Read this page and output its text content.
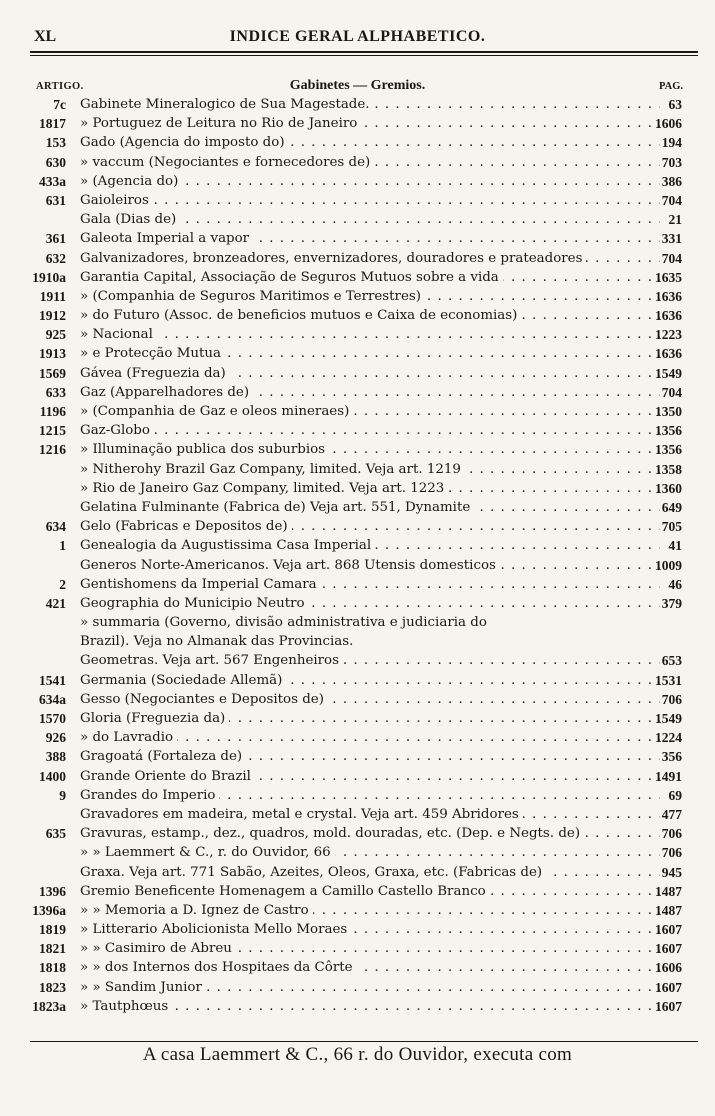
XL	INDICE GERAL ALPHABETICO.
ARTIGO.	Gabinetes — Gremios.	PAG.
7c Gabinete Mineralogico de Sua Magestade. . . .	63
1817 » Portuguez de Leitura no Rio de Janeiro . . .	1606
153 Gado (Agencia do imposto do) . . .	194
630 » vaccum (Negociantes e fornecedores de) . . .	703
433a » (Agencia do) . . .	386
631 Gaioleiros . . .	704
Gala (Dias de) . . .	21
361 Galeota Imperial a vapor . . .	331
632 Galvanizadores, bronzeadores, envernizadores, douradores e prateadores . . .	704
1910a Garantia Capital, Associação de Seguros Mutuos sobre a vida . . .	1635
1911 » (Companhia de Seguros Maritimos e Terrestres) . . .	1636
1912 » do Futuro (Assoc. de beneficios mutuos e Caixa de economias) . . .	1636
925 » Nacional . . .	1223
1913 » e Protecção Mutua . . .	1636
1569 Gávea (Freguezia da) . . .	1549
633 Gaz (Apparelhadores de) . . .	704
1196 » (Companhia de Gaz e oleos mineraes) . . .	1350
1215 Gaz-Globo . . .	1356
1216 » Illuminação publica dos suburbios . . .	1356
» Nitherohy Brazil Gaz Company, limited. Veja art. 1219 . . .	1358
» Rio de Janeiro Gaz Company, limited. Veja art. 1223 . . .	1360
Gelatina Fulminante (Fabrica de) Veja art. 551, Dynamite . . .	649
634 Gelo (Fabricas e Depositos de) . . .	705
1 Genealogia da Augustissima Casa Imperial . . .	41
Generos Norte-Americanos. Veja art. 868 Utensis domesticos . . .	1009
2 Gentishomens da Imperial Camara . . .	46
421 Geographia do Municipio Neutro . . .	379
» summaria (Governo, divisão administrativa e judiciaria do
Brazil). Veja no Almanak das Provincias.
Geometras. Veja art. 567 Engenheiros . . .	653
1541 Germania (Sociedade Allemã) . . .	1531
634a Gesso (Negociantes e Depositos de) . . .	706
1570 Gloria (Freguezia da) . . .	1549
926 » do Lavradio . . .	1224
388 Gragoatá (Fortaleza de) . . .	356
1400 Grande Oriente do Brazil . . .	1491
9 Grandes do Imperio . . .	69
Gravadores em madeira, metal e crystal. Veja art. 459 Abridores . . .	477
635 Gravuras, estamp., dez., quadros, mold. douradas, etc. (Dep. e Negts. de) . . .	706
» » Laemmert & C., r. do Ouvidor, 66 . . .	706
Graxa. Veja art. 771 Sabão, Azeites, Oleos, Graxa, etc. (Fabricas de) . . .	945
1396 Gremio Beneficente Homenagem a Camillo Castello Branco . . .	1487
1396a » » Memoria a D. Ignez de Castro . . .	1487
1819 » Litterario Abolicionista Mello Moraes . . .	1607
1821 » » Casimiro de Abreu . . .	1607
1818 » » dos Internos dos Hospitaes da Côrte . . .	1606
1823 » » Sandim Junior . . .	1607
1823a » Tautphœus . . .	1607
A casa Laemmert & C., 66 r. do Ouvidor, executa com
